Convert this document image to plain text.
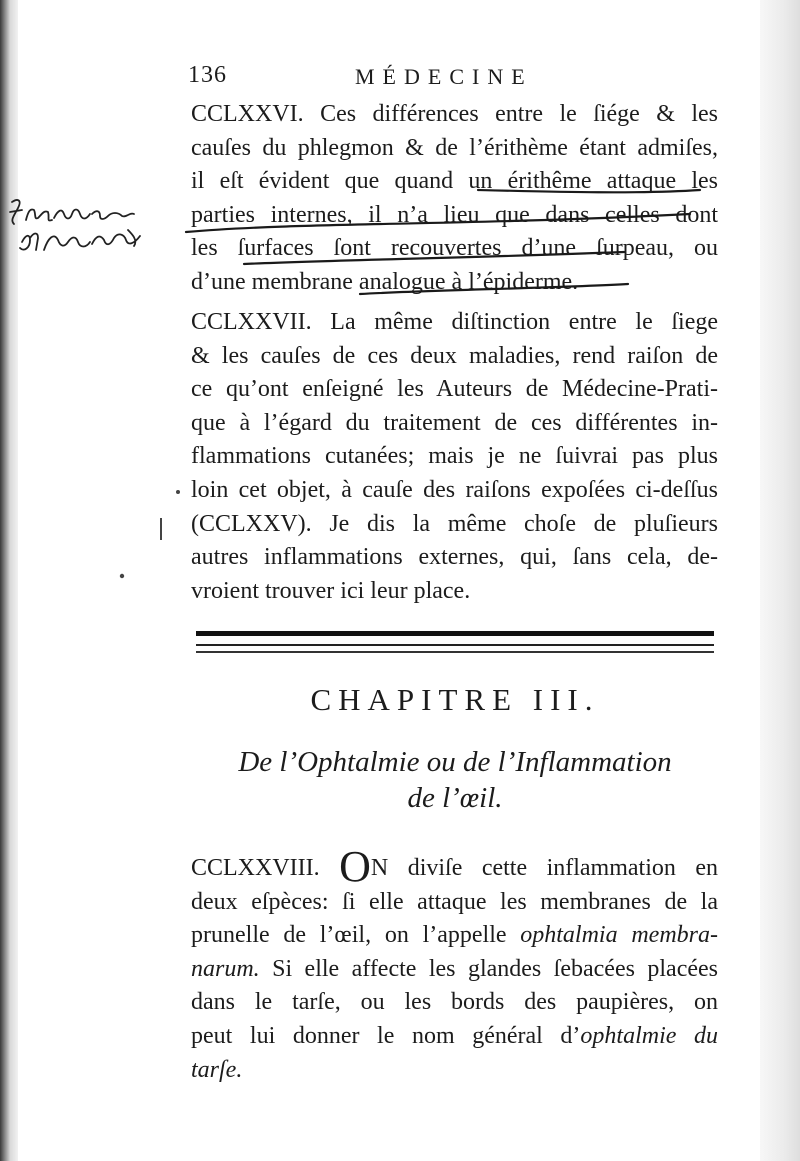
136	MÉDECINE
CCLXXVI. Ces différences entre le ſiége & les
cauſes du phlegmon & de l’érithème étant admiſes,
il eſt évident que quand un érithême attaque les
parties internes, il n’a lieu que dans celles dont
les ſurfaces ſont recouvertes d’une ſurpeau, ou
d’une membrane analogue à l’épiderme.
CCLXXVII. La même diſtinction entre le ſiege
& les cauſes de ces deux maladies, rend raiſon de
ce qu’ont enſeigné les Auteurs de Médecine-Prati-
que à l’égard du traitement de ces différentes in-
flammations cutanées; mais je ne ſuivrai pas plus
loin cet objet, à cauſe des raiſons expoſées ci-deſſus
(CCLXXV). Je dis la même choſe de pluſieurs
autres inflammations externes, qui, ſans cela, de-
vroient trouver ici leur place.
CHAPITRE III.
De l’Ophtalmie ou de l’Inflammation
de l’œil.
CCLXXVIII. ON diviſe cette inflammation en
deux eſpèces: ſi elle attaque les membranes de la
prunelle de l’œil, on l’appelle ophtalmia membra-
narum. Si elle affecte les glandes ſebacées placées
dans le tarſe, ou les bords des paupières, on
peut lui donner le nom général d’ophtalmie du
tarſe.
